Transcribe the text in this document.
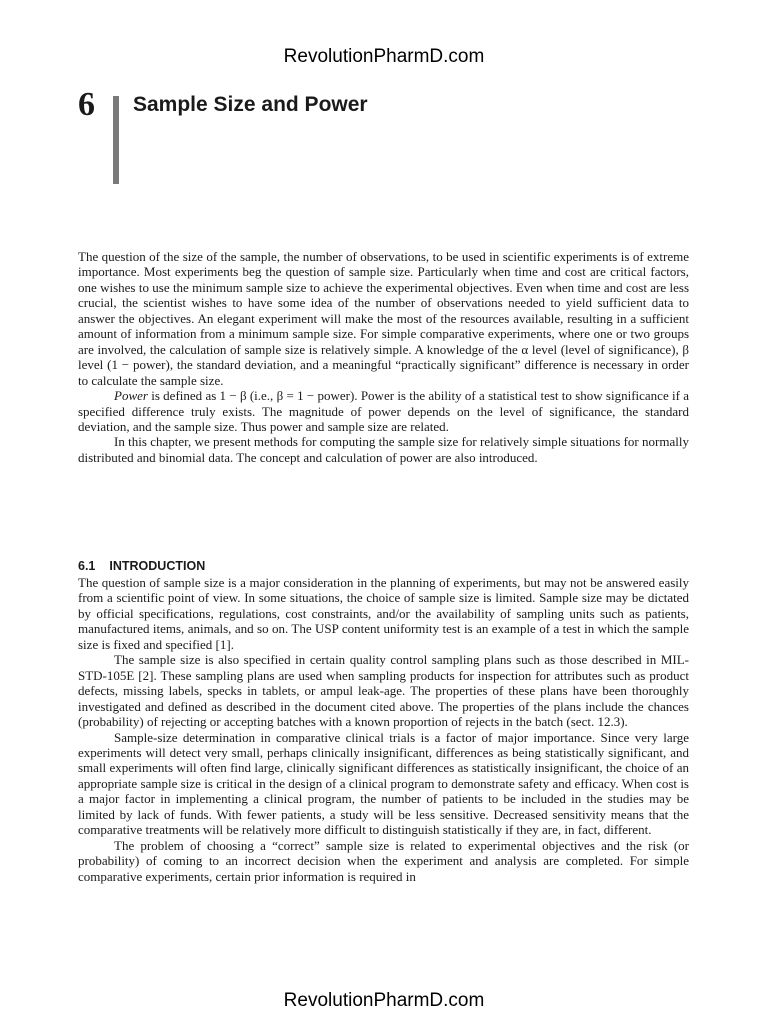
RevolutionPharmD.com
6 Sample Size and Power

The question of the size of the sample, the number of observations, to be used in scientific experiments is of extreme importance. Most experiments beg the question of sample size. Particularly when time and cost are critical factors, one wishes to use the minimum sample size to achieve the experimental objectives. Even when time and cost are less crucial, the scientist wishes to have some idea of the number of observations needed to yield sufficient data to answer the objectives. An elegant experiment will make the most of the resources available, resulting in a sufficient amount of information from a minimum sample size. For simple comparative experiments, where one or two groups are involved, the calculation of sample size is relatively simple. A knowledge of the α level (level of significance), β level (1 − power), the standard deviation, and a meaningful “practically significant” difference is necessary in order to calculate the sample size.

Power is defined as 1 − β (i.e., β = 1 − power). Power is the ability of a statistical test to show significance if a specified difference truly exists. The magnitude of power depends on the level of significance, the standard deviation, and the sample size. Thus power and sample size are related.

In this chapter, we present methods for computing the sample size for relatively simple situations for normally distributed and binomial data. The concept and calculation of power are also introduced.

6.1 INTRODUCTION

The question of sample size is a major consideration in the planning of experiments, but may not be answered easily from a scientific point of view. In some situations, the choice of sample size is limited. Sample size may be dictated by official specifications, regulations, cost constraints, and/or the availability of sampling units such as patients, manufactured items, animals, and so on. The USP content uniformity test is an example of a test in which the sample size is fixed and specified [1].

The sample size is also specified in certain quality control sampling plans such as those described in MIL-STD-105E [2]. These sampling plans are used when sampling products for inspection for attributes such as product defects, missing labels, specks in tablets, or ampul leak-age. The properties of these plans have been thoroughly investigated and defined as described in the document cited above. The properties of the plans include the chances (probability) of rejecting or accepting batches with a known proportion of rejects in the batch (sect. 12.3).

Sample-size determination in comparative clinical trials is a factor of major importance. Since very large experiments will detect very small, perhaps clinically insignificant, differences as being statistically significant, and small experiments will often find large, clinically significant differences as statistically insignificant, the choice of an appropriate sample size is critical in the design of a clinical program to demonstrate safety and efficacy. When cost is a major factor in implementing a clinical program, the number of patients to be included in the studies may be limited by lack of funds. With fewer patients, a study will be less sensitive. Decreased sensitivity means that the comparative treatments will be relatively more difficult to distinguish statistically if they are, in fact, different.

The problem of choosing a “correct” sample size is related to experimental objectives and the risk (or probability) of coming to an incorrect decision when the experiment and analysis are completed. For simple comparative experiments, certain prior information is required in

RevolutionPharmD.com
